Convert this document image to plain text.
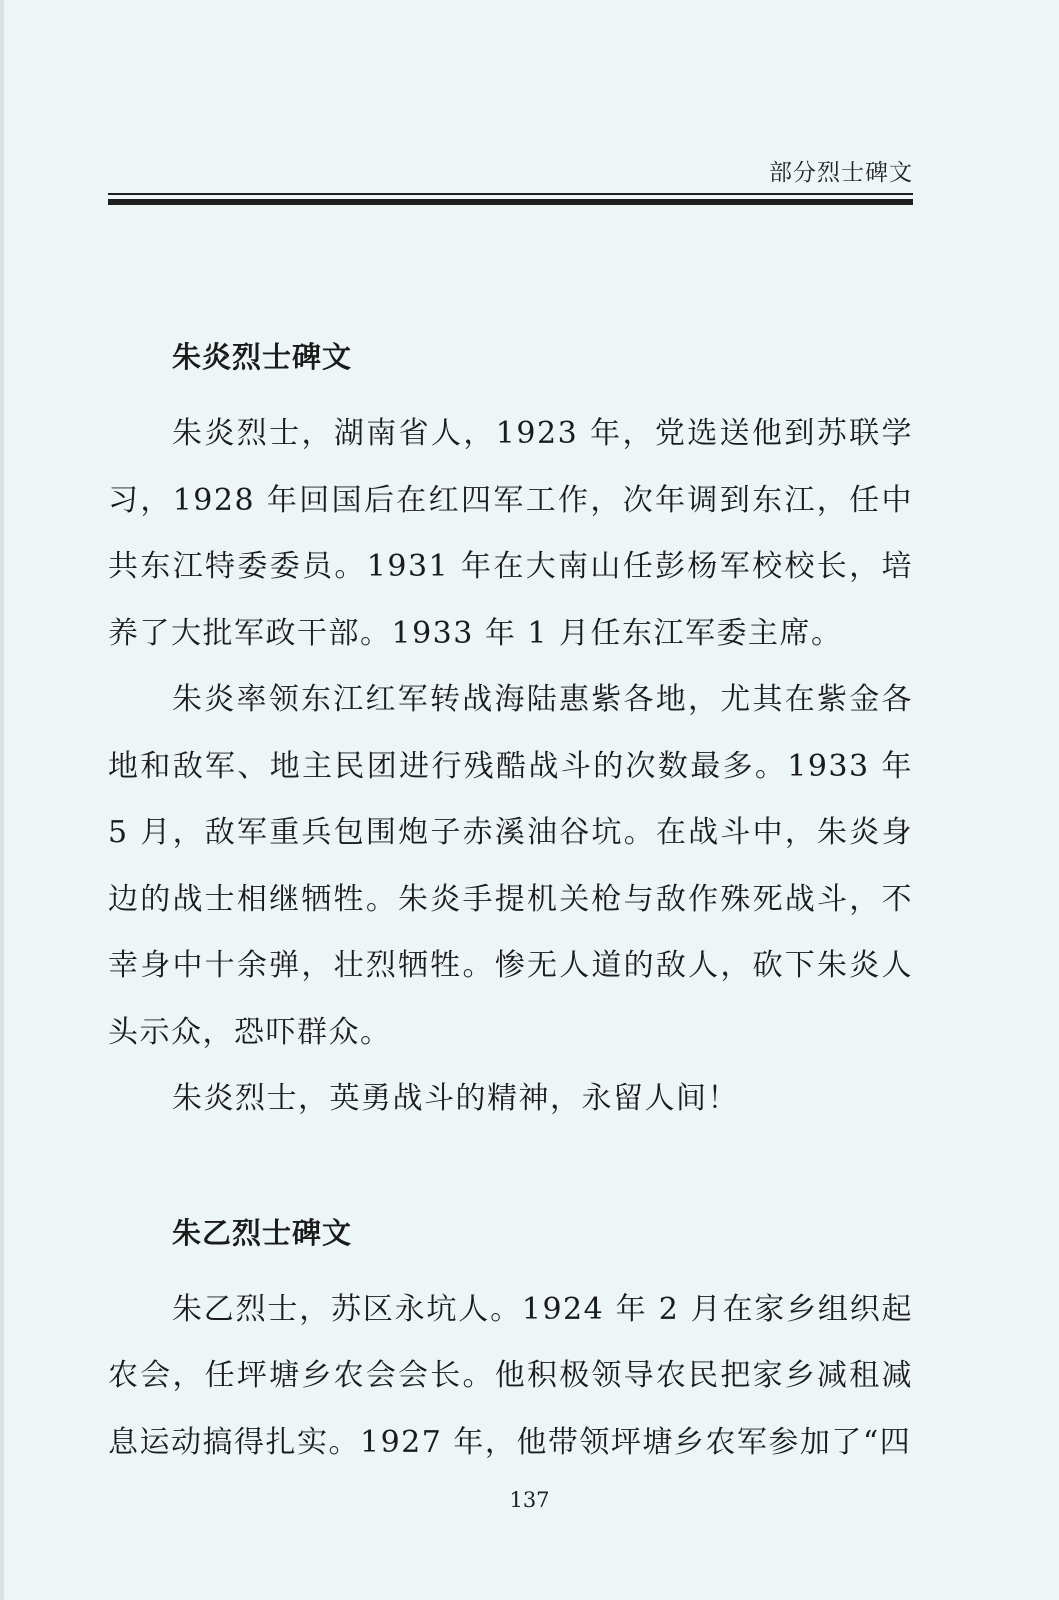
部分烈士碑文
朱炎烈士碑文

朱炎烈士，湖南省人，1923 年，党选送他到苏联学习，1928 年回国后在红四军工作，次年调到东江，任中共东江特委委员。1931 年在大南山任彭杨军校校长，培养了大批军政干部。1933 年 1 月任东江军委主席。

朱炎率领东江红军转战海陆惠紫各地，尤其在紫金各地和敌军、地主民团进行残酷战斗的次数最多。1933 年 5 月，敌军重兵包围炮子赤溪油谷坑。在战斗中，朱炎身边的战士相继牺牲。朱炎手提机关枪与敌作殊死战斗，不幸身中十余弹，壮烈牺牲。惨无人道的敌人，砍下朱炎人头示众，恐吓群众。

朱炎烈士，英勇战斗的精神，永留人间！

朱乙烈士碑文

朱乙烈士，苏区永坑人。1924 年 2 月在家乡组织起农会，任坪塘乡农会会长。他积极领导农民把家乡减租减息运动搞得扎实。1927 年，他带领坪塘乡农军参加了“四

137
